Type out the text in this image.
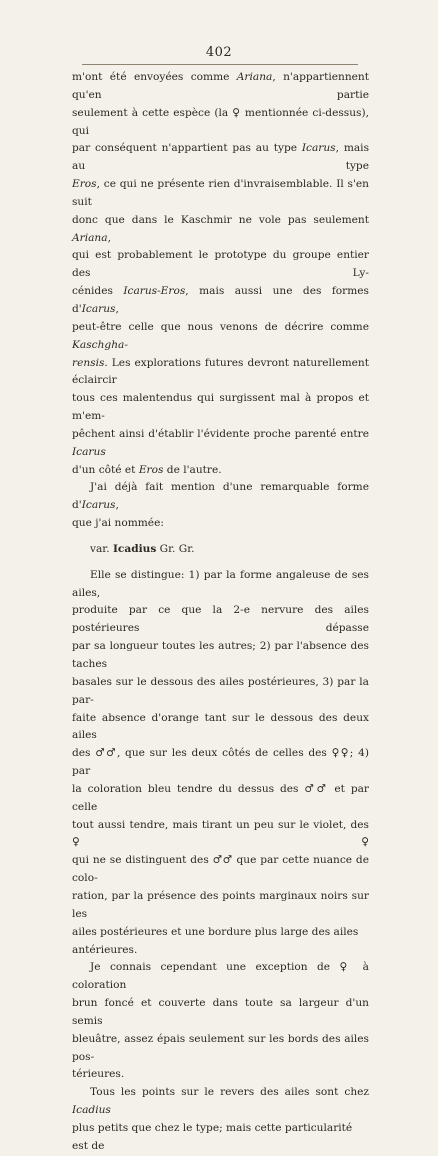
402

m'ont été envoyées comme Ariana, n'appartiennent qu'en partie
seulement à cette espèce (la ♀ mentionnée ci-dessus), qui
par conséquent n'appartient pas au type Icarus, mais au type
Eros, ce qui ne présente rien d'invraisemblable. Il s'en suit
donc que dans le Kaschmir ne vole pas seulement Ariana,
qui est probablement le prototype du groupe entier des Ly-
cénides Icarus-Eros, mais aussi une des formes d'Icarus,
peut-être celle que nous venons de décrire comme Kaschgha-
rensis. Les explorations futures devront naturellement éclaircir
tous ces malentendus qui surgissent mal à propos et m'em-
pêchent ainsi d'établir l'évidente proche parenté entre Icarus
d'un côté et Eros de l'autre.

J'ai déjà fait mention d'une remarquable forme d'Icarus,
que j'ai nommée:

var. Icadius Gr. Gr.

Elle se distingue: 1) par la forme angaleuse de ses ailes,
produite par ce que la 2-e nervure des ailes postérieures dépasse
par sa longueur toutes les autres; 2) par l'absence des taches
basales sur le dessous des ailes postérieures, 3) par la par-
faite absence d'orange tant sur le dessous des deux ailes
des ♂♂, que sur les deux côtés de celles des ♀♀; 4) par
la coloration bleu tendre du dessus des ♂♂ et par celle
tout aussi tendre, mais tirant un peu sur le violet, des ♀♀
qui ne se distinguent des ♂♂ que par cette nuance de colo-
ration, par la présence des points marginaux noirs sur les
ailes postérieures et une bordure plus large des ailes antérieures.

Je connais cependant une exception de ♀ à coloration
brun foncé et couverte dans toute sa largeur d'un semis
bleuâtre, assez épais seulement sur les bords des ailes pos-
térieures.

Tous les points sur le revers des ailes sont chez Icadius
plus petits que chez le type; mais cette particularité est de
